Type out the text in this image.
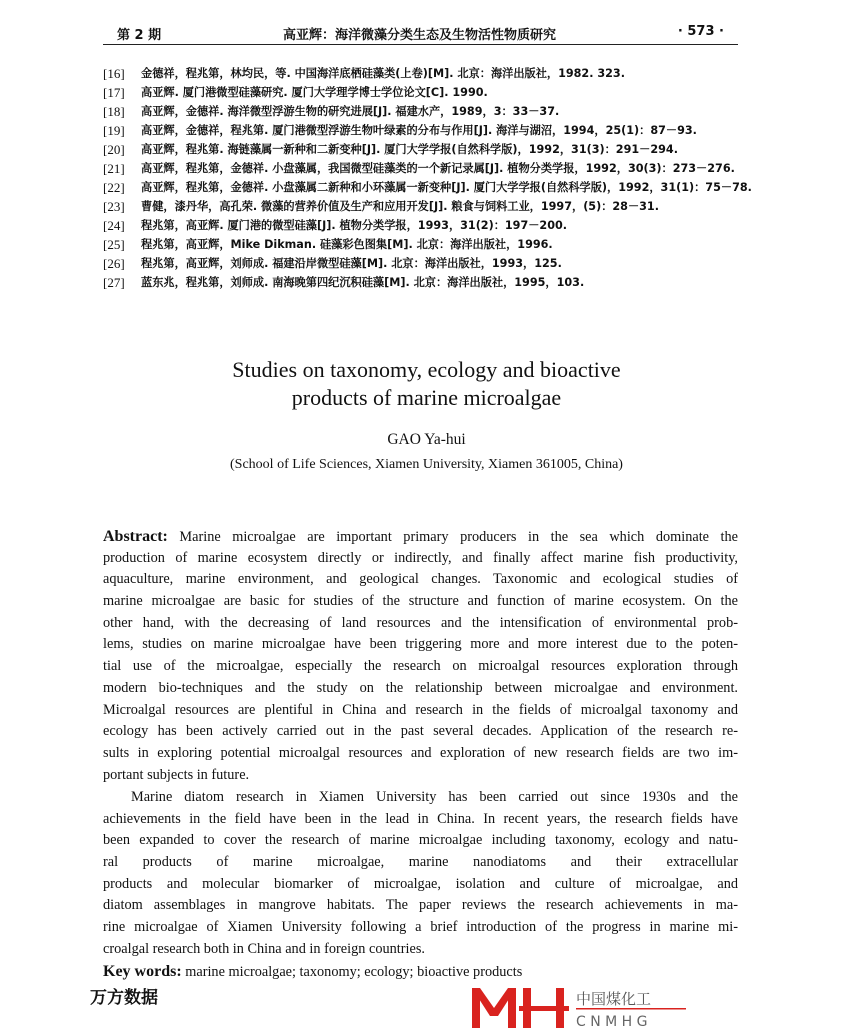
第 2 期	高亚辉：海洋微藻分类生态及生物活性物质研究	· 573 ·
[16]	金德祥，程兆第，林均民，等. 中国海洋底栖硅藻类(上卷)[M]. 北京：海洋出版社，1982. 323.
[17]	高亚辉. 厦门港微型硅藻研究. 厦门大学理学博士学位论文[C]. 1990.
[18]	高亚辉，金德祥. 海洋微型浮游生物的研究进展[J]. 福建水产，1989，3：33－37.
[19]	高亚辉，金德祥，程兆第. 厦门港微型浮游生物叶绿素的分布与作用[J]. 海洋与湖沼，1994，25(1)：87－93.
[20]	高亚辉，程兆第. 海链藻属一新种和二新变种[J]. 厦门大学学报(自然科学版)，1992，31(3)：291－294.
[21]	高亚辉，程兆第，金德祥. 小盘藻属，我国微型硅藻类的一个新记录属[J]. 植物分类学报，1992，30(3)：273－276.
[22]	高亚辉，程兆第，金德祥. 小盘藻属二新种和小环藻属一新变种[J]. 厦门大学学报(自然科学版)，1992，31(1)：75－78.
[23]	曹健，漆丹华，高孔荣. 微藻的营养价值及生产和应用开发[J]. 粮食与饲料工业，1997，(5)：28－31.
[24]	程兆第，高亚辉. 厦门港的微型硅藻[J]. 植物分类学报，1993，31(2)：197－200.
[25]	程兆第，高亚辉，Mike Dikman. 硅藻彩色图集[M]. 北京：海洋出版社，1996.
[26]	程兆第，高亚辉，刘师成. 福建沿岸微型硅藻[M]. 北京：海洋出版社，1993，125.
[27]	蓝东兆，程兆第，刘师成. 南海晚第四纪沉积硅藻[M]. 北京：海洋出版社，1995，103.
Studies on taxonomy, ecology and bioactive
products of marine microalgae
GAO Ya-hui
(School of Life Sciences, Xiamen University, Xiamen 361005, China)
Abstract: Marine microalgae are important primary producers in the sea which dominate the
production of marine ecosystem directly or indirectly, and finally affect marine fish productivity,
aquaculture, marine environment, and geological changes. Taxonomic and ecological studies of
marine microalgae are basic for studies of the structure and function of marine ecosystem. On the
other hand, with the decreasing of land resources and the intensification of environmental prob-
lems, studies on marine microalgae have been triggering more and more interest due to the poten-
tial use of the microalgae, especially the research on microalgal resources exploration through
modern bio-techniques and the study on the relationship between microalgae and environment.
Microalgal resources are plentiful in China and research in the fields of microalgal taxonomy and
ecology has been actively carried out in the past several decades. Application of the research re-
sults in exploring potential microalgal resources and exploration of new research fields are two im-
portant subjects in future.
Marine diatom research in Xiamen University has been carried out since 1930s and the
achievements in the field have been in the lead in China. In recent years, the research fields have
been expanded to cover the research of marine microalgae including taxonomy, ecology and natu-
ral products of marine microalgae, marine nanodiatoms and their extracellular
products and molecular biomarker of microalgae, isolation and culture of microalgae, and
diatom assemblages in mangrove habitats. The paper reviews the research achievements in ma-
rine microalgae of Xiamen University following a brief introduction of the progress in marine mi-
croalgal research both in China and in foreign countries.
Key words: marine microalgae; taxonomy; ecology; bioactive products
中国煤化工
C N M H G
万方数据
